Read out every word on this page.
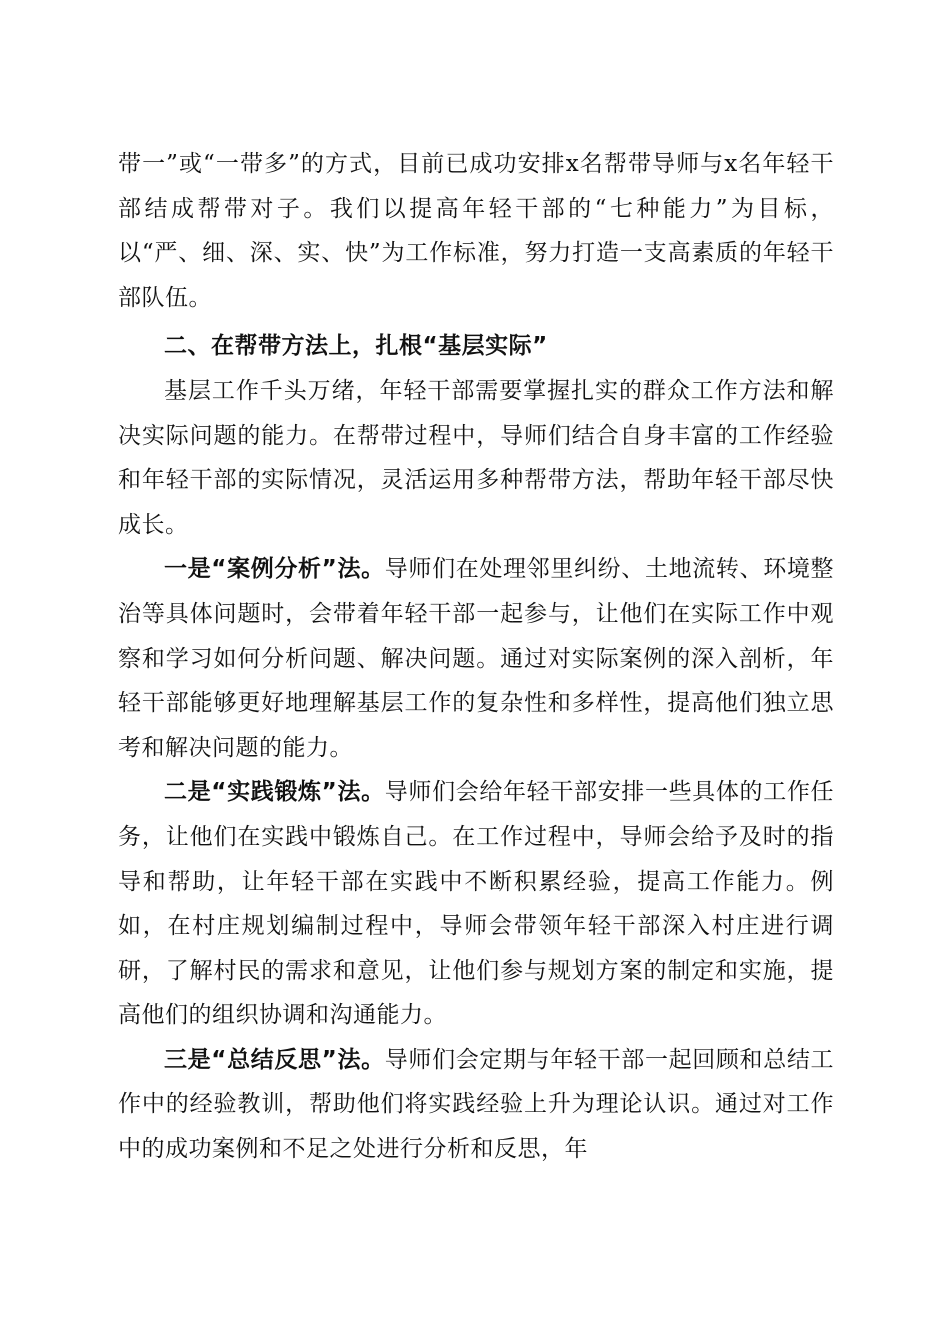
带一”或“一带多”的方式，目前已成功安排x名帮带导师与x名年轻干部结成帮带对子。我们以提高年轻干部的“七种能力”为目标，以“严、细、深、实、快”为工作标准，努力打造一支高素质的年轻干部队伍。

二、在帮带方法上，扎根“基层实际”

基层工作千头万绪，年轻干部需要掌握扎实的群众工作方法和解决实际问题的能力。在帮带过程中，导师们结合自身丰富的工作经验和年轻干部的实际情况，灵活运用多种帮带方法，帮助年轻干部尽快成长。

一是“案例分析”法。导师们在处理邻里纠纷、土地流转、环境整治等具体问题时，会带着年轻干部一起参与，让他们在实际工作中观察和学习如何分析问题、解决问题。通过对实际案例的深入剖析，年轻干部能够更好地理解基层工作的复杂性和多样性，提高他们独立思考和解决问题的能力。

二是“实践锻炼”法。导师们会给年轻干部安排一些具体的工作任务，让他们在实践中锻炼自己。在工作过程中，导师会给予及时的指导和帮助，让年轻干部在实践中不断积累经验，提高工作能力。例如，在村庄规划编制过程中，导师会带领年轻干部深入村庄进行调研，了解村民的需求和意见，让他们参与规划方案的制定和实施，提高他们的组织协调和沟通能力。

三是“总结反思”法。导师们会定期与年轻干部一起回顾和总结工作中的经验教训，帮助他们将实践经验上升为理论认识。通过对工作中的成功案例和不足之处进行分析和反思，年
